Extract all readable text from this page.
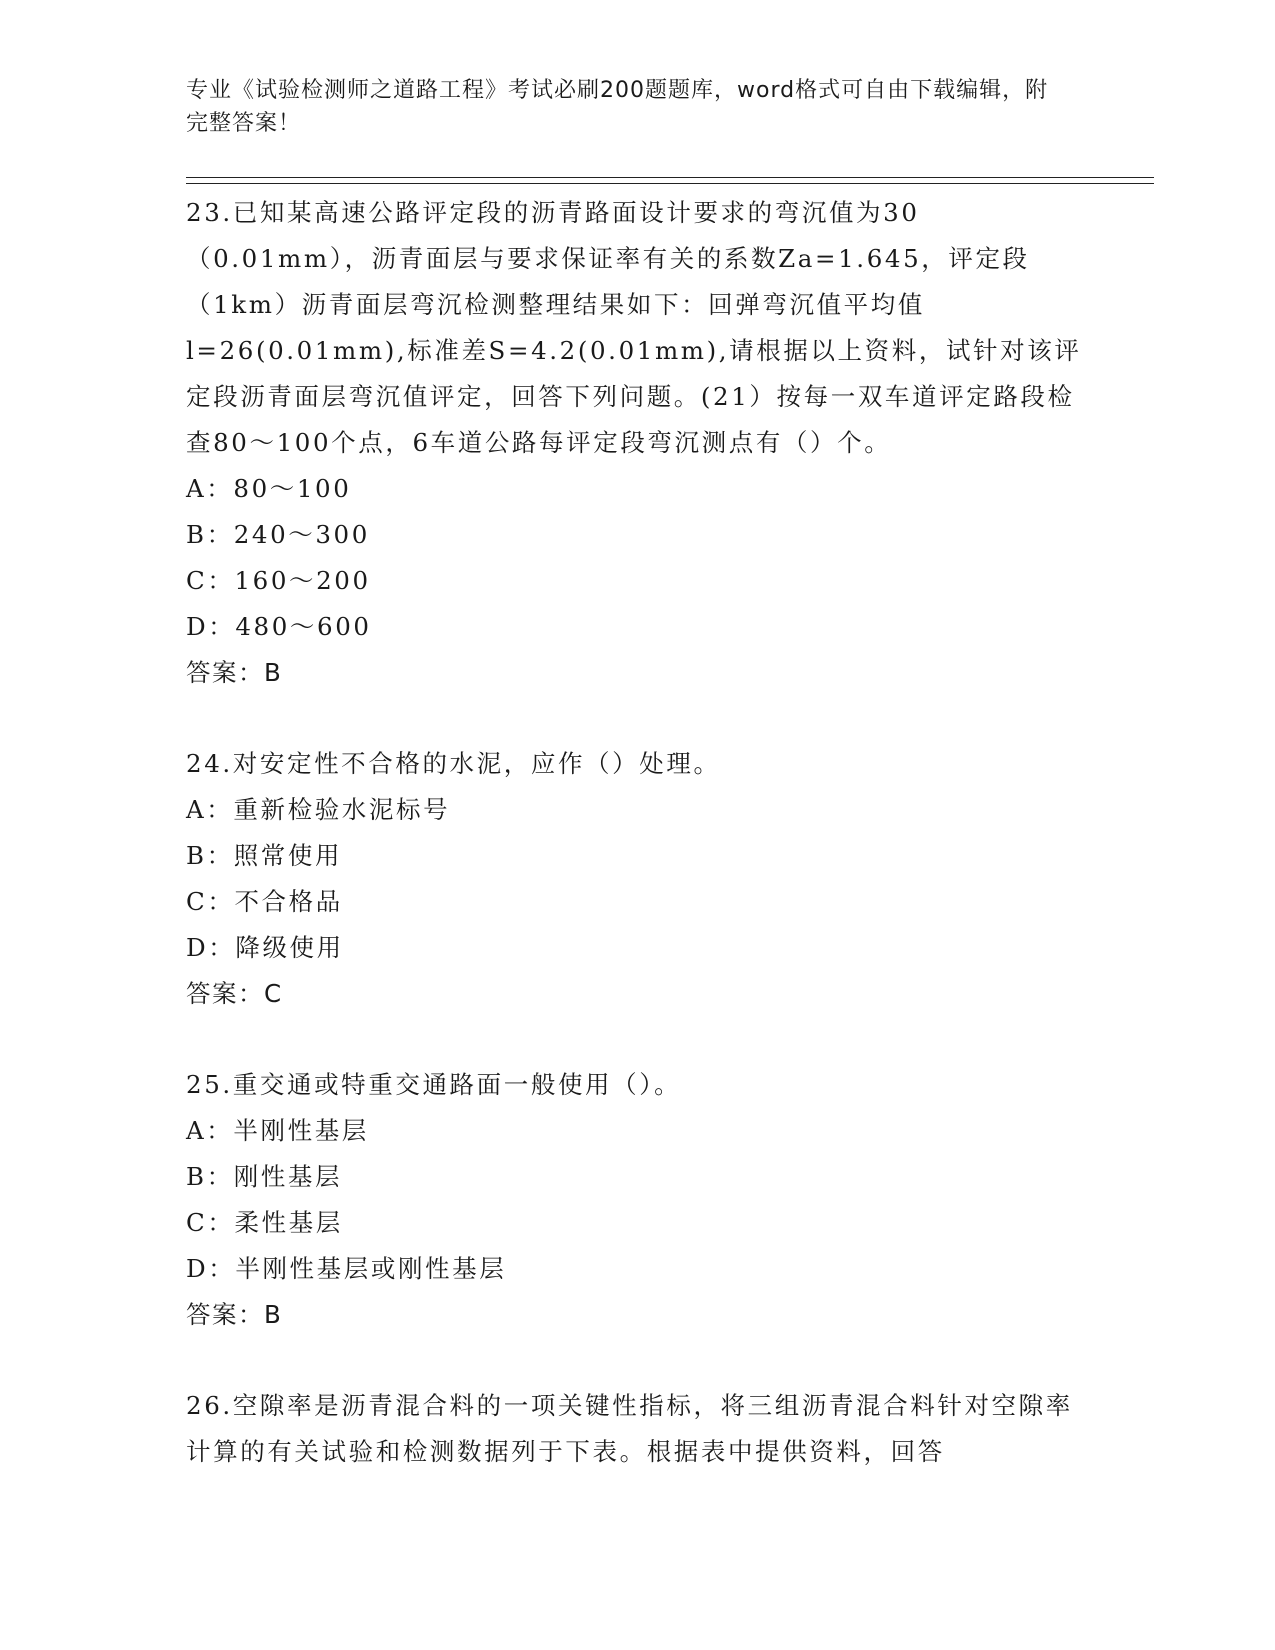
专业《试验检测师之道路工程》考试必刷200题题库，word格式可自由下载编辑，附完整答案！

23.已知某高速公路评定段的沥青路面设计要求的弯沉值为30（0.01mm），沥青面层与要求保证率有关的系数Za=1.645，评定段（1km）沥青面层弯沉检测整理结果如下：回弹弯沉值平均值l=26(0.01mm),标准差S=4.2(0.01mm),请根据以上资料，试针对该评定段沥青面层弯沉值评定，回答下列问题。(21）按每一双车道评定路段检查80～100个点，6车道公路每评定段弯沉测点有（）个。

A：80～100

B：240～300

C：160～200

D：480～600

答案：B

24.对安定性不合格的水泥，应作（）处理。

A：重新检验水泥标号

B：照常使用

C：不合格品

D：降级使用

答案：C

25.重交通或特重交通路面一般使用（）。

A：半刚性基层

B：刚性基层

C：柔性基层

D：半刚性基层或刚性基层

答案：B

26.空隙率是沥青混合料的一项关键性指标，将三组沥青混合料针对空隙率计算的有关试验和检测数据列于下表。根据表中提供资料，回答
